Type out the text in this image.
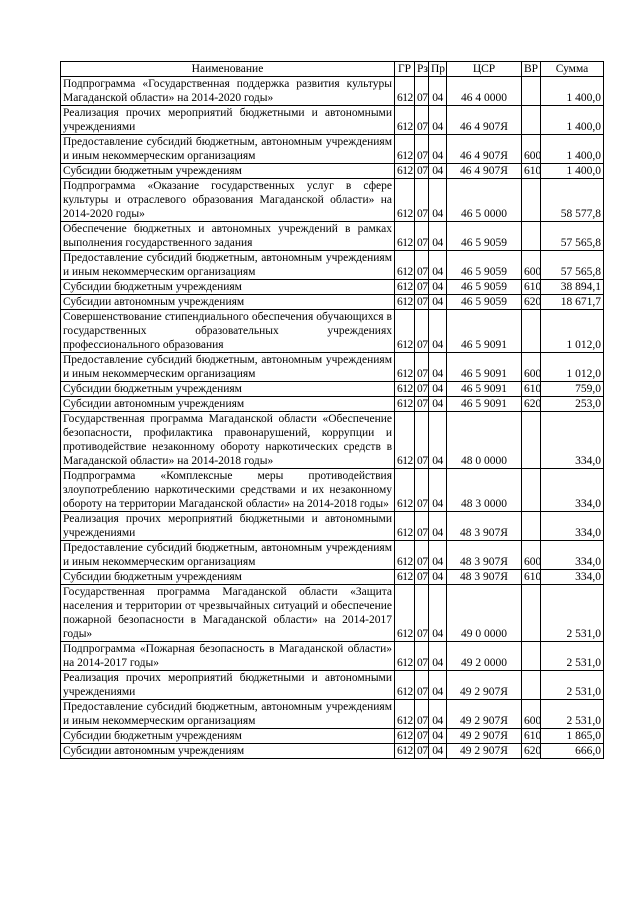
Наименование	ГР	Рз	Пр	ЦСР	ВР	Сумма
Подпрограмма «Государственная поддержка развития культуры Магаданской области» на 2014-2020 годы»	612	07	04	46 4 0000		1 400,0
Реализация прочих мероприятий бюджетными и автономными учреждениями	612	07	04	46 4 907Я		1 400,0
Предоставление субсидий бюджетным, автономным учреждениям и иным некоммерческим организациям	612	07	04	46 4 907Я	600	1 400,0
Субсидии бюджетным учреждениям	612	07	04	46 4 907Я	610	1 400,0
Подпрограмма «Оказание государственных услуг в сфере культуры и отраслевого образования Магаданской области» на 2014-2020 годы»	612	07	04	46 5 0000		58 577,8
Обеспечение бюджетных и автономных учреждений в рамках выполнения государственного задания	612	07	04	46 5 9059		57 565,8
Предоставление субсидий бюджетным, автономным учреждениям и иным некоммерческим организациям	612	07	04	46 5 9059	600	57 565,8
Субсидии бюджетным учреждениям	612	07	04	46 5 9059	610	38 894,1
Субсидии автономным учреждениям	612	07	04	46 5 9059	620	18 671,7
Совершенствование стипендиального обеспечения обучающихся в государственных образовательных учреждениях профессионального образования	612	07	04	46 5 9091		1 012,0
Предоставление субсидий бюджетным, автономным учреждениям и иным некоммерческим организациям	612	07	04	46 5 9091	600	1 012,0
Субсидии бюджетным учреждениям	612	07	04	46 5 9091	610	759,0
Субсидии автономным учреждениям	612	07	04	46 5 9091	620	253,0
Государственная программа Магаданской области «Обеспечение безопасности, профилактика правонарушений, коррупции и противодействие незаконному обороту наркотических средств в Магаданской области» на 2014-2018 годы»	612	07	04	48 0 0000		334,0
Подпрограмма «Комплексные меры противодействия злоупотреблению наркотическими средствами и их незаконному обороту на территории Магаданской области» на 2014-2018 годы»	612	07	04	48 3 0000		334,0
Реализация прочих мероприятий бюджетными и автономными учреждениями	612	07	04	48 3 907Я		334,0
Предоставление субсидий бюджетным, автономным учреждениям и иным некоммерческим организациям	612	07	04	48 3 907Я	600	334,0
Субсидии бюджетным учреждениям	612	07	04	48 3 907Я	610	334,0
Государственная программа Магаданской области «Защита населения и территории от чрезвычайных ситуаций и обеспечение пожарной безопасности в Магаданской области» на 2014-2017 годы»	612	07	04	49 0 0000		2 531,0
Подпрограмма «Пожарная безопасность в Магаданской области» на 2014-2017 годы»	612	07	04	49 2 0000		2 531,0
Реализация прочих мероприятий бюджетными и автономными учреждениями	612	07	04	49 2 907Я		2 531,0
Предоставление субсидий бюджетным, автономным учреждениям и иным некоммерческим организациям	612	07	04	49 2 907Я	600	2 531,0
Субсидии бюджетным учреждениям	612	07	04	49 2 907Я	610	1 865,0
Субсидии автономным учреждениям	612	07	04	49 2 907Я	620	666,0
